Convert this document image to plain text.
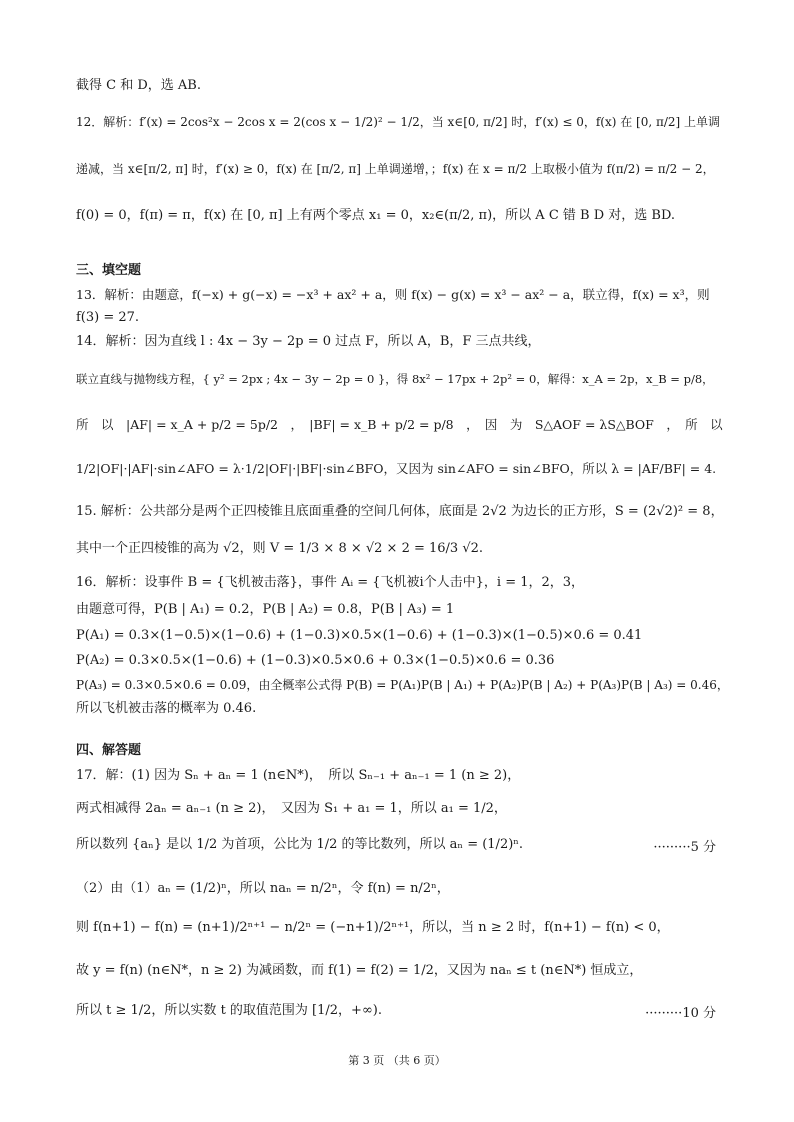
截得 C 和 D，选 AB.
12．解析：f′(x) = 2cos²x − 2cos x = 2(cos x − 1/2)² − 1/2，当 x∈[0, π/2] 时，f′(x) ≤ 0，f(x) 在 [0, π/2] 上单调
递减，当 x∈[π/2, π] 时，f′(x) ≥ 0，f(x) 在 [π/2, π] 上单调递增，；f(x) 在 x = π/2 上取极小值为 f(π/2) = π/2 − 2，
f(0) = 0，f(π) = π，f(x) 在 [0, π] 上有两个零点 x₁ = 0，x₂∈(π/2, π)，所以 A C 错 B D 对，选 BD.
三、填空题
13．解析：由题意，f(−x) + g(−x) = −x³ + ax² + a，则 f(x) − g(x) = x³ − ax² − a，联立得，f(x) = x³，则
f(3) = 27.
14．解析：因为直线 l : 4x − 3y − 2p = 0 过点 F，所以 A，B，F 三点共线，
联立直线与抛物线方程，{ y² = 2px ; 4x − 3y − 2p = 0 }，得 8x² − 17px + 2p² = 0，解得：x_A = 2p，x_B = p/8，
所　以　|AF| = x_A + p/2 = 5p/2　，　|BF| = x_B + p/2 = p/8　，　因　为　S△AOF = λS△BOF　，　所　以
1/2|OF|·|AF|·sin∠AFO = λ·1/2|OF|·|BF|·sin∠BFO，又因为 sin∠AFO = sin∠BFO，所以 λ = |AF/BF| = 4.
15. 解析：公共部分是两个正四棱锥且底面重叠的空间几何体，底面是 2√2 为边长的正方形，S = (2√2)² = 8，
其中一个正四棱锥的高为 √2，则 V = 1/3 × 8 × √2 × 2 = 16/3 √2.
16．解析：设事件 B = {飞机被击落}，事件 Aᵢ = {飞机被i个人击中}，i = 1，2，3，
由题意可得，P(B | A₁) = 0.2，P(B | A₂) = 0.8，P(B | A₃) = 1
P(A₁) = 0.3×(1−0.5)×(1−0.6) + (1−0.3)×0.5×(1−0.6) + (1−0.3)×(1−0.5)×0.6 = 0.41
P(A₂) = 0.3×0.5×(1−0.6) + (1−0.3)×0.5×0.6 + 0.3×(1−0.5)×0.6 = 0.36
P(A₃) = 0.3×0.5×0.6 = 0.09，由全概率公式得 P(B) = P(A₁)P(B | A₁) + P(A₂)P(B | A₂) + P(A₃)P(B | A₃) = 0.46，
所以飞机被击落的概率为 0.46.
四、解答题
17．解：(1) 因为 Sₙ + aₙ = 1 (n∈N*)，　所以 Sₙ₋₁ + aₙ₋₁ = 1 (n ≥ 2)，
两式相减得 2aₙ = aₙ₋₁ (n ≥ 2)，　又因为 S₁ + a₁ = 1，所以 a₁ = 1/2，
所以数列 {aₙ} 是以 1/2 为首项，公比为 1/2 的等比数列，所以 aₙ = (1/2)ⁿ.	·········5 分
（2）由（1）aₙ = (1/2)ⁿ，所以 naₙ = n/2ⁿ，令 f(n) = n/2ⁿ，
则 f(n+1) − f(n) = (n+1)/2ⁿ⁺¹ − n/2ⁿ = (−n+1)/2ⁿ⁺¹，所以，当 n ≥ 2 时，f(n+1) − f(n) < 0，
故 y = f(n) (n∈N*，n ≥ 2) 为减函数，而 f(1) = f(2) = 1/2，又因为 naₙ ≤ t (n∈N*) 恒成立，
所以 t ≥ 1/2，所以实数 t 的取值范围为 [1/2，+∞).	·········10 分
第 3 页 （共 6 页）
